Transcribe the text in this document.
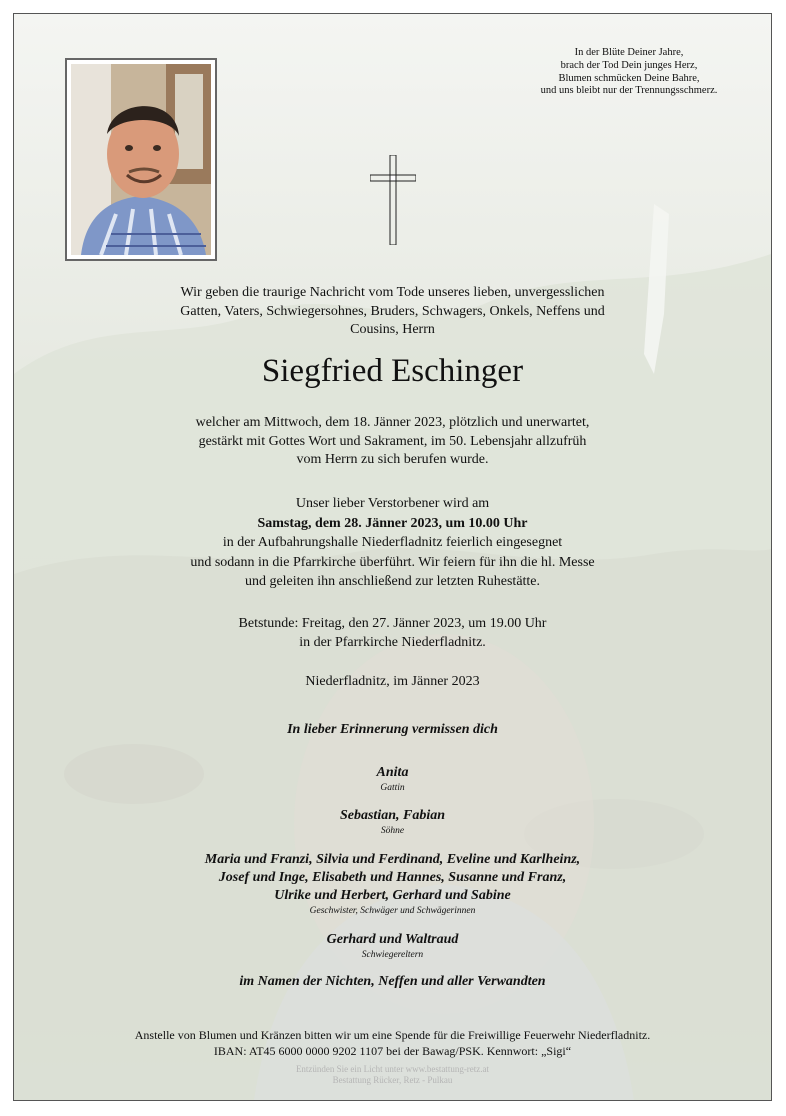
In der Blüte Deiner Jahre,
brach der Tod Dein junges Herz,
Blumen schmücken Deine Bahre,
und uns bleibt nur der Trennungsschmerz.
Wir geben die traurige Nachricht vom Tode unseres lieben, unvergesslichen
Gatten, Vaters, Schwiegersohnes, Bruders, Schwagers, Onkels, Neffens und
Cousins, Herrn
Siegfried Eschinger
welcher am Mittwoch, dem 18. Jänner 2023, plötzlich und unerwartet,
gestärkt mit Gottes Wort und Sakrament, im 50. Lebensjahr allzufrüh
vom Herrn zu sich berufen wurde.
Unser lieber Verstorbener wird am
Samstag, dem 28. Jänner 2023, um 10.00 Uhr
in der Aufbahrungshalle Niederfladnitz feierlich eingesegnet
und sodann in die Pfarrkirche überführt. Wir feiern für ihn die hl. Messe
und geleiten ihn anschließend zur letzten Ruhestätte.
Betstunde: Freitag, den 27. Jänner 2023, um 19.00 Uhr
in der Pfarrkirche Niederfladnitz.
Niederfladnitz, im Jänner 2023
In lieber Erinnerung vermissen dich
Anita
Gattin
Sebastian, Fabian
Söhne
Maria und Franzi, Silvia und Ferdinand, Eveline und Karlheinz,
Josef und Inge, Elisabeth und Hannes, Susanne und Franz,
Ulrike und Herbert, Gerhard und Sabine
Geschwister, Schwäger und Schwägerinnen
Gerhard und Waltraud
Schwiegereltern
im Namen der Nichten, Neffen und aller Verwandten
Anstelle von Blumen und Kränzen bitten wir um eine Spende für die Freiwillige Feuerwehr Niederfladnitz.
IBAN: AT45 6000 0000 9202 1107 bei der Bawag/PSK. Kennwort: „Sigi“
Entzünden Sie ein Licht unter www.bestattung-retz.at
Bestattung Rücker, Retz - Pulkau
